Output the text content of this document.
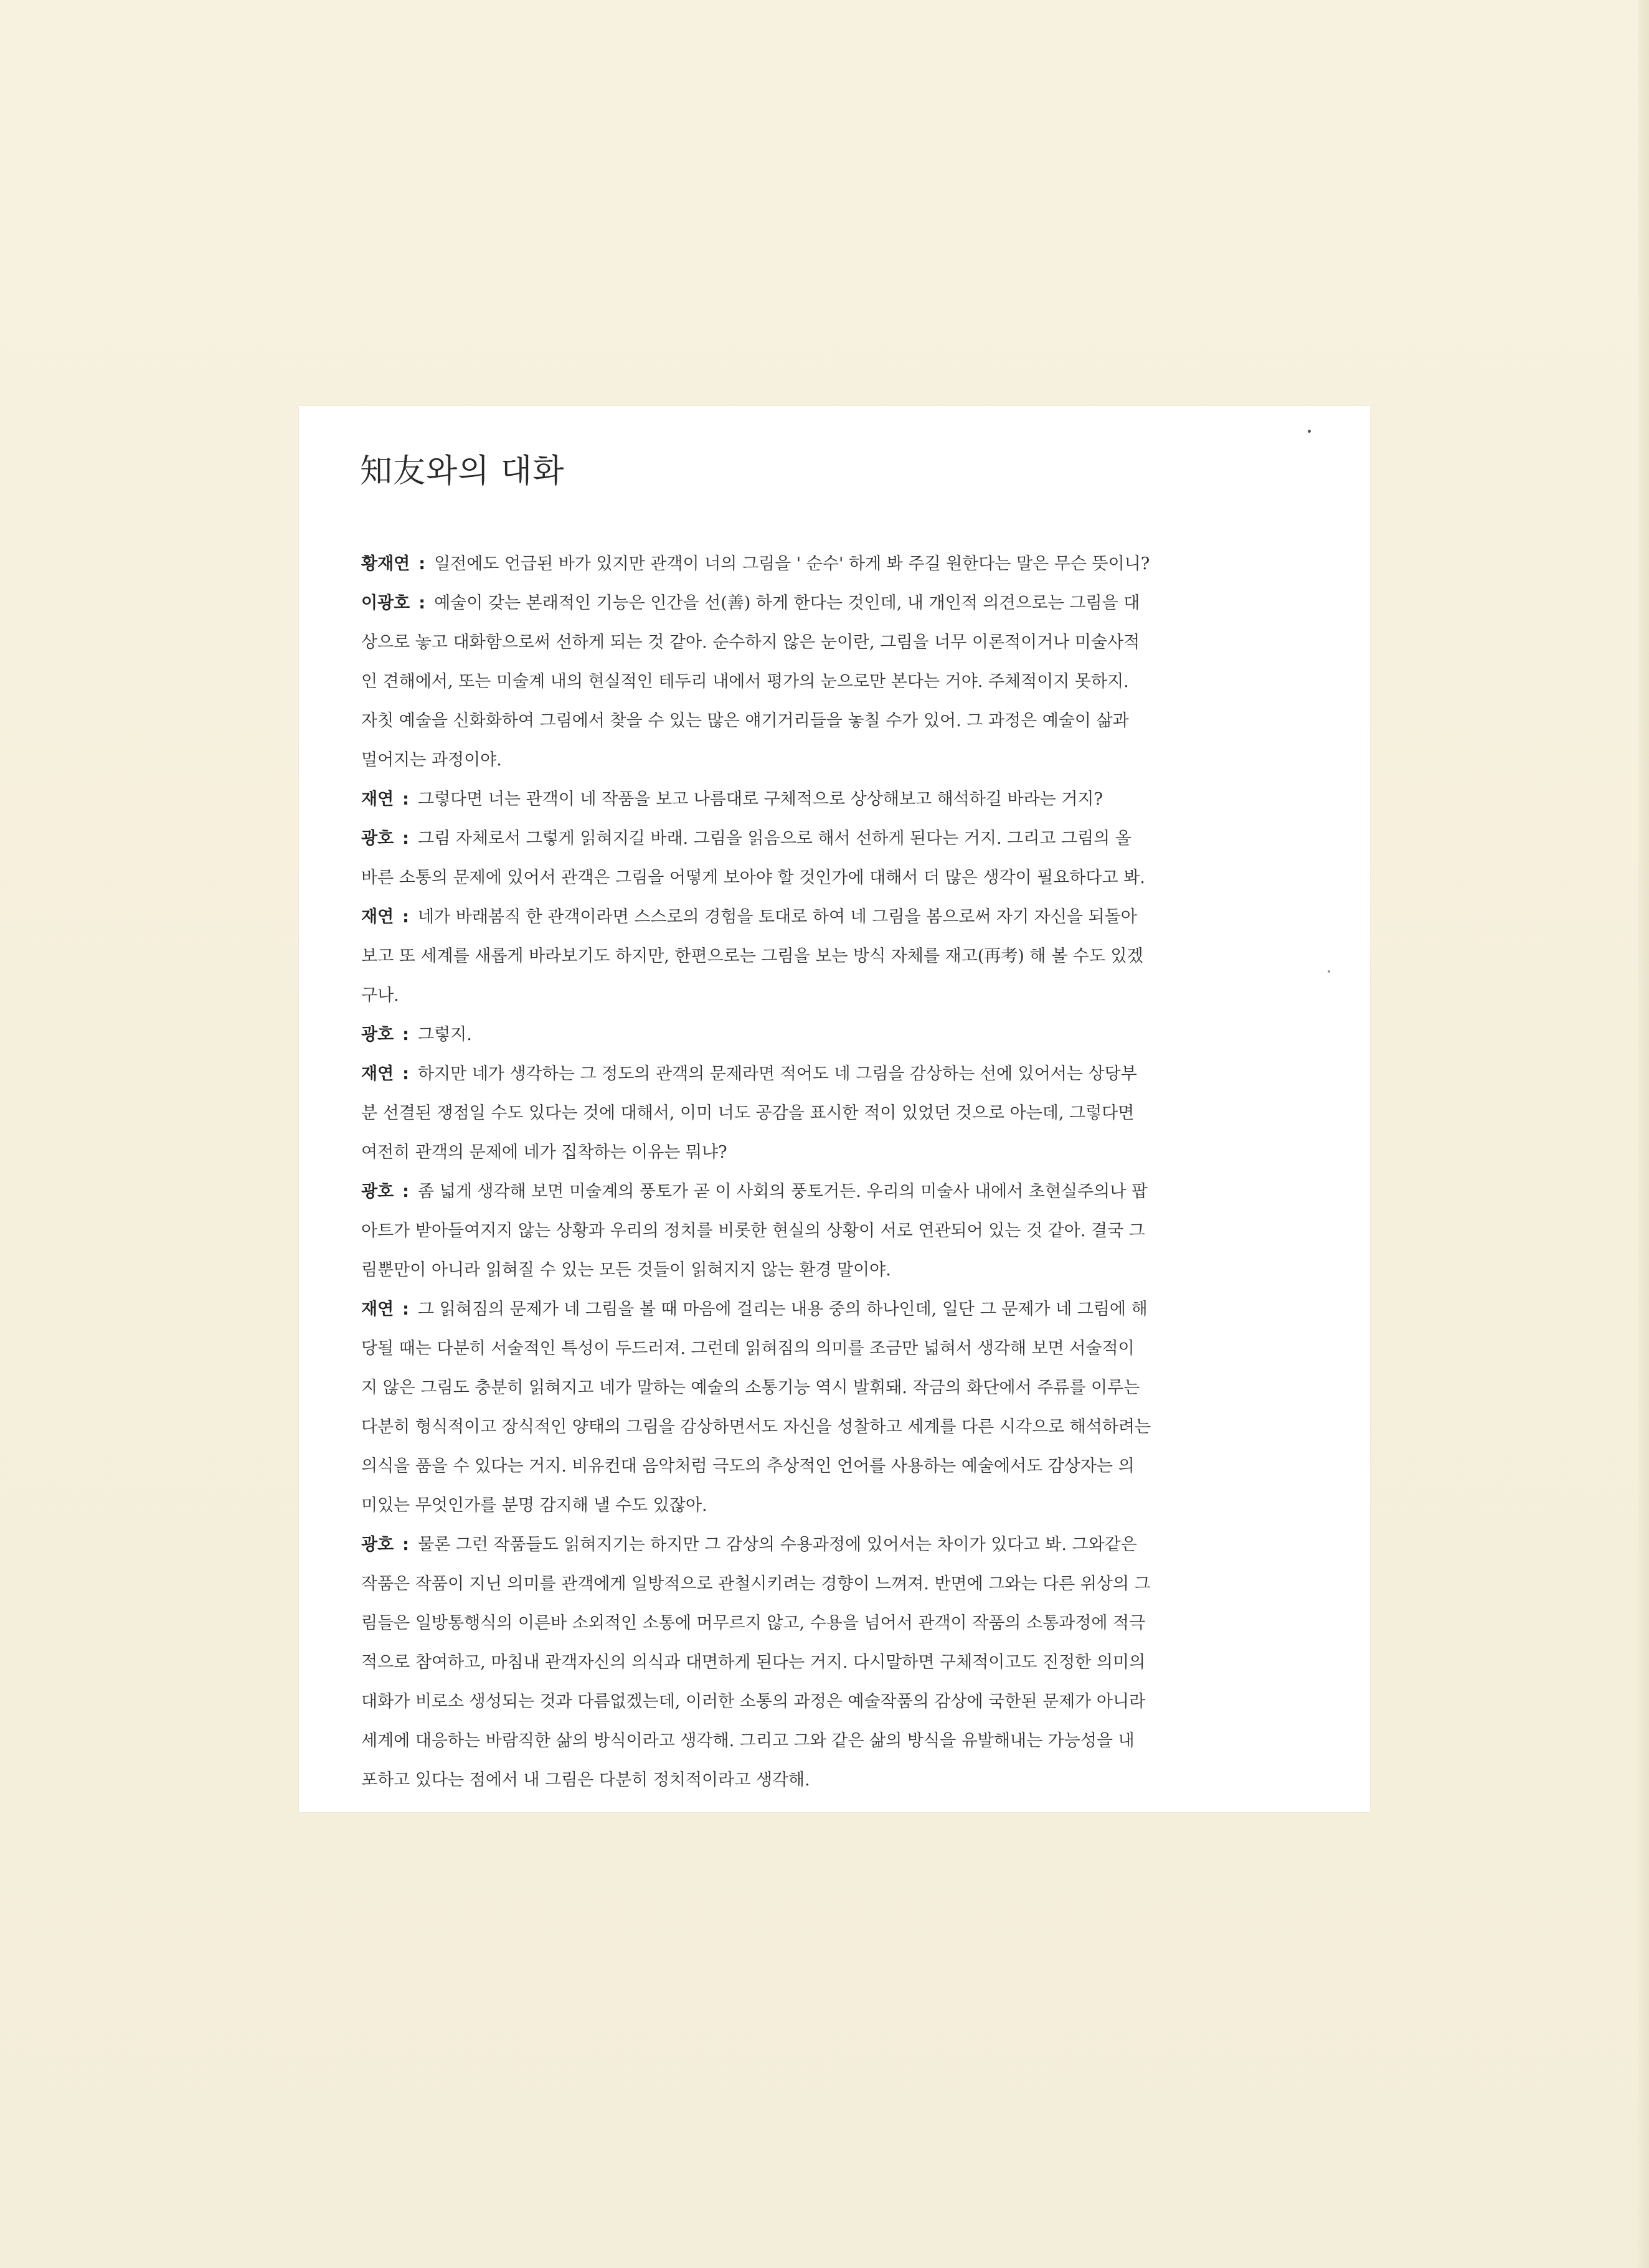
知友와의 대화
황재연 : 일전에도 언급된 바가 있지만 관객이 너의 그림을 ' 순수' 하게 봐 주길 원한다는 말은 무슨 뜻이니?
이광호 : 예술이 갖는 본래적인 기능은 인간을 선(善) 하게 한다는 것인데, 내 개인적 의견으로는 그림을 대
상으로 놓고 대화함으로써 선하게 되는 것 같아. 순수하지 않은 눈이란, 그림을 너무 이론적이거나 미술사적
인 견해에서, 또는 미술계 내의 현실적인 테두리 내에서 평가의 눈으로만 본다는 거야. 주체적이지 못하지.
자칫 예술을 신화화하여 그림에서 찾을 수 있는 많은 얘기거리들을 놓칠 수가 있어. 그 과정은 예술이 삶과
멀어지는 과정이야.
재연 : 그렇다면 너는 관객이 네 작품을 보고 나름대로 구체적으로 상상해보고 해석하길 바라는 거지?
광호 : 그림 자체로서 그렇게 읽혀지길 바래. 그림을 읽음으로 해서 선하게 된다는 거지. 그리고 그림의 올
바른 소통의 문제에 있어서 관객은 그림을 어떻게 보아야 할 것인가에 대해서 더 많은 생각이 필요하다고 봐.
재연 : 네가 바래봄직 한 관객이라면 스스로의 경험을 토대로 하여 네 그림을 봄으로써 자기 자신을 되돌아
보고 또 세계를 새롭게 바라보기도 하지만, 한편으로는 그림을 보는 방식 자체를 재고(再考) 해 볼 수도 있겠
구나.
광호 : 그렇지.
재연 : 하지만 네가 생각하는 그 정도의 관객의 문제라면 적어도 네 그림을 감상하는 선에 있어서는 상당부
분 선결된 쟁점일 수도 있다는 것에 대해서, 이미 너도 공감을 표시한 적이 있었던 것으로 아는데, 그렇다면
여전히 관객의 문제에 네가 집착하는 이유는 뭐냐?
광호 : 좀 넓게 생각해 보면 미술계의 풍토가 곧 이 사회의 풍토거든. 우리의 미술사 내에서 초현실주의나 팝
아트가 받아들여지지 않는 상황과 우리의 정치를 비롯한 현실의 상황이 서로 연관되어 있는 것 같아. 결국 그
림뿐만이 아니라 읽혀질 수 있는 모든 것들이 읽혀지지 않는 환경 말이야.
재연 : 그 읽혀짐의 문제가 네 그림을 볼 때 마음에 걸리는 내용 중의 하나인데, 일단 그 문제가 네 그림에 해
당될 때는 다분히 서술적인 특성이 두드러져. 그런데 읽혀짐의 의미를 조금만 넓혀서 생각해 보면 서술적이
지 않은 그림도 충분히 읽혀지고 네가 말하는 예술의 소통기능 역시 발휘돼. 작금의 화단에서 주류를 이루는
다분히 형식적이고 장식적인 양태의 그림을 감상하면서도 자신을 성찰하고 세계를 다른 시각으로 해석하려는
의식을 품을 수 있다는 거지. 비유컨대 음악처럼 극도의 추상적인 언어를 사용하는 예술에서도 감상자는 의
미있는 무엇인가를 분명 감지해 낼 수도 있잖아.
광호 : 물론 그런 작품들도 읽혀지기는 하지만 그 감상의 수용과정에 있어서는 차이가 있다고 봐. 그와같은
작품은 작품이 지닌 의미를 관객에게 일방적으로 관철시키려는 경향이 느껴져. 반면에 그와는 다른 위상의 그
림들은 일방통행식의 이른바 소외적인 소통에 머무르지 않고, 수용을 넘어서 관객이 작품의 소통과정에 적극
적으로 참여하고, 마침내 관객자신의 의식과 대면하게 된다는 거지. 다시말하면 구체적이고도 진정한 의미의
대화가 비로소 생성되는 것과 다름없겠는데, 이러한 소통의 과정은 예술작품의 감상에 국한된 문제가 아니라
세계에 대응하는 바람직한 삶의 방식이라고 생각해. 그리고 그와 같은 삶의 방식을 유발해내는 가능성을 내
포하고 있다는 점에서 내 그림은 다분히 정치적이라고 생각해.
